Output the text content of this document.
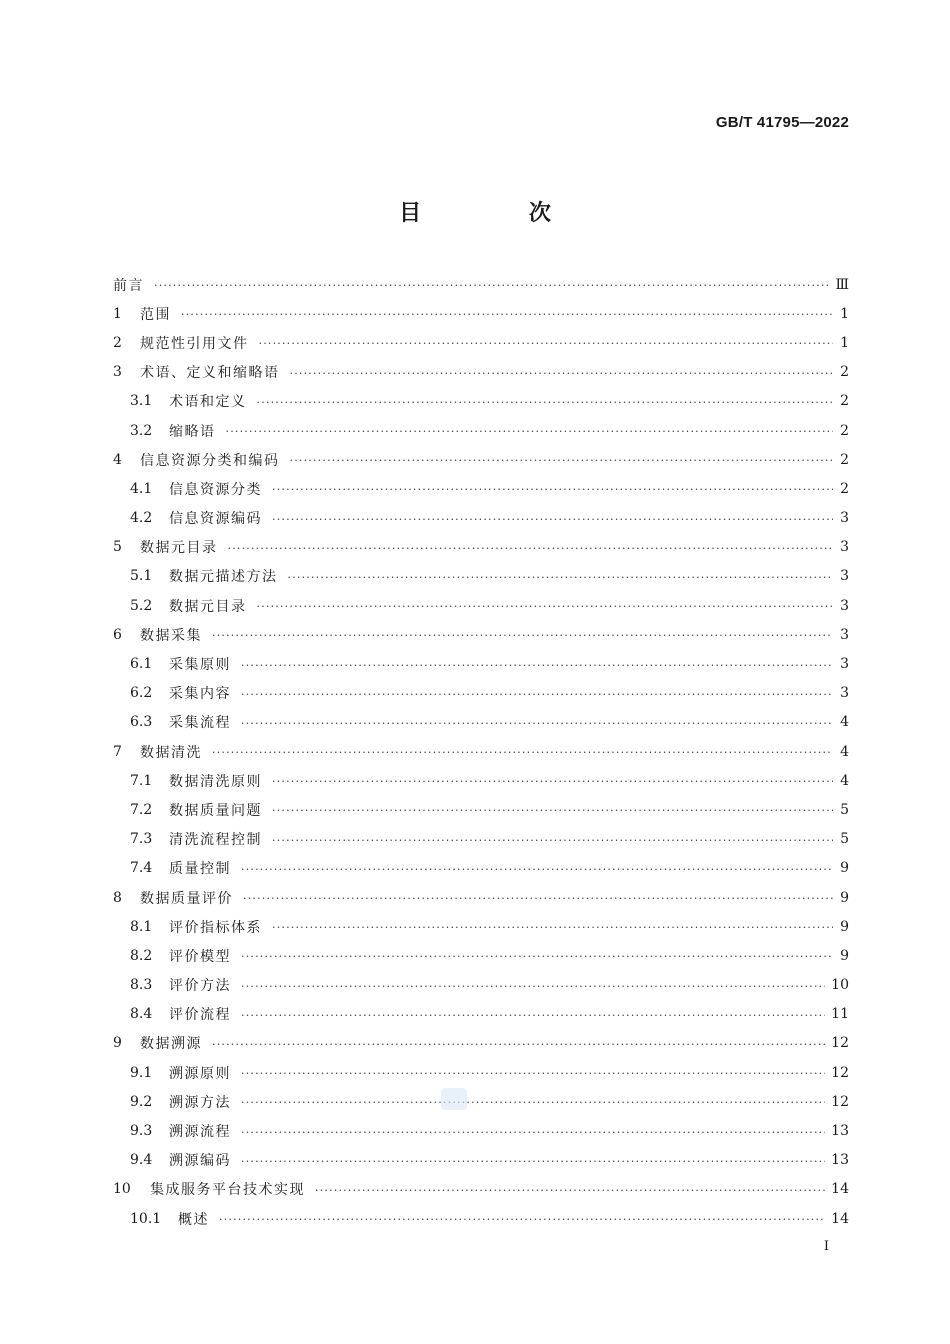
GB/T 41795—2022
目 次
前言 ·····	Ⅲ
1	范围 ·····	1
2	规范性引用文件 ·····	1
3	术语、定义和缩略语 ·····	2
3.1	术语和定义 ·····	2
3.2	缩略语 ·····	2
4	信息资源分类和编码 ·····	2
4.1	信息资源分类 ·····	2
4.2	信息资源编码 ·····	3
5	数据元目录 ·····	3
5.1	数据元描述方法 ·····	3
5.2	数据元目录 ·····	3
6	数据采集 ·····	3
6.1	采集原则 ·····	3
6.2	采集内容 ·····	3
6.3	采集流程 ·····	4
7	数据清洗 ·····	4
7.1	数据清洗原则 ·····	4
7.2	数据质量问题 ·····	5
7.3	清洗流程控制 ·····	5
7.4	质量控制 ·····	9
8	数据质量评价 ·····	9
8.1	评价指标体系 ·····	9
8.2	评价模型 ·····	9
8.3	评价方法 ·····	10
8.4	评价流程 ·····	11
9	数据溯源 ·····	12
9.1	溯源原则 ·····	12
9.2	溯源方法 ·····	12
9.3	溯源流程 ·····	13
9.4	溯源编码 ·····	13
10	集成服务平台技术实现 ·····	14
10.1	概述 ·····	14
I
